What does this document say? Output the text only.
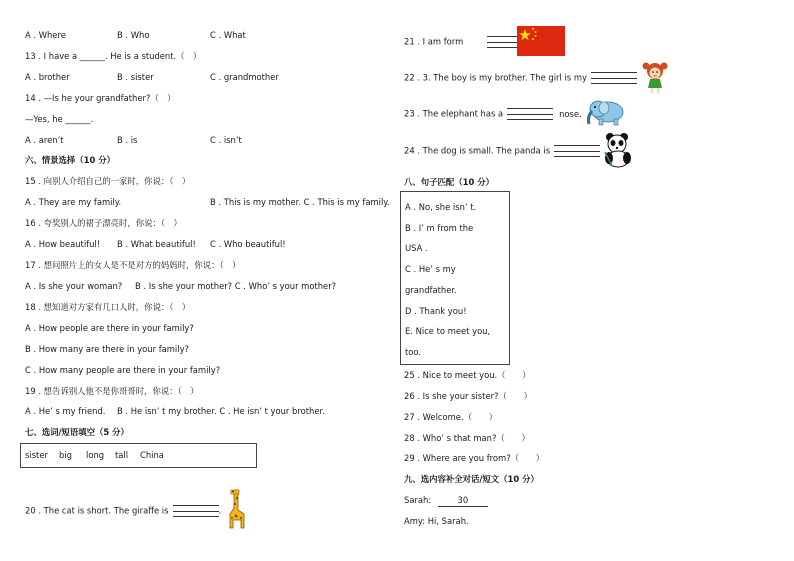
A . Where	B . Who	C . What
13 . I have a ______. He is a student.（　）
A . brother	B . sister	C . grandmother
14 . —Is he your grandfather?（　）
—Yes, he ______.
A . aren’t	B . is	C . isn’t
六、情景选择（10 分）
15 . 向别人介绍自己的一家时，你说：（　）
A . They are my family.	B . This is my mother. C . This is my family.
16 . 夸奖别人的裙子漂亮时，你说：（　）
A . How beautiful! B . What beautiful! C . Who beautiful!
17 . 想问照片上的女人是不是对方的妈妈时，你说：（　）
A . Is she your woman? B . Is she your mother? C . Who’ s your mother?
18 . 想知道对方家有几口人时，你说：（　）
A . How people are there in your family?
B . How many are there in your family?
C . How many people are there in your family?
19 . 想告诉别人他不是你哥哥时，你说：（　）
A . He’ s my friend. B . He isn’ t my brother. C . He isn’ t your brother.
七、选词/短语填空（5 分）
sister big long tall China
20 . The cat is short. The giraffe is	.
21 . I am form
22 . 3. The boy is my brother. The girl is my
23 . The elephant has a	nose.
24 . The dog is small. The panda is
八、句子匹配（10 分）
A . No, she isn’ t.
B . I’ m from the
USA .
C . He’ s my
grandfather.
D . Thank you!
E. Nice to meet you,
too.
25 . Nice to meet you.（　　）
26 . Is she your sister?（　　）
27 . Welcome.（　　）
28 . Who’ s that man?（　　）
29 . Where are you from?（　　）
九、选内容补全对话/短文（10 分）
Sarah:	30
Amy: Hi, Sarah.
